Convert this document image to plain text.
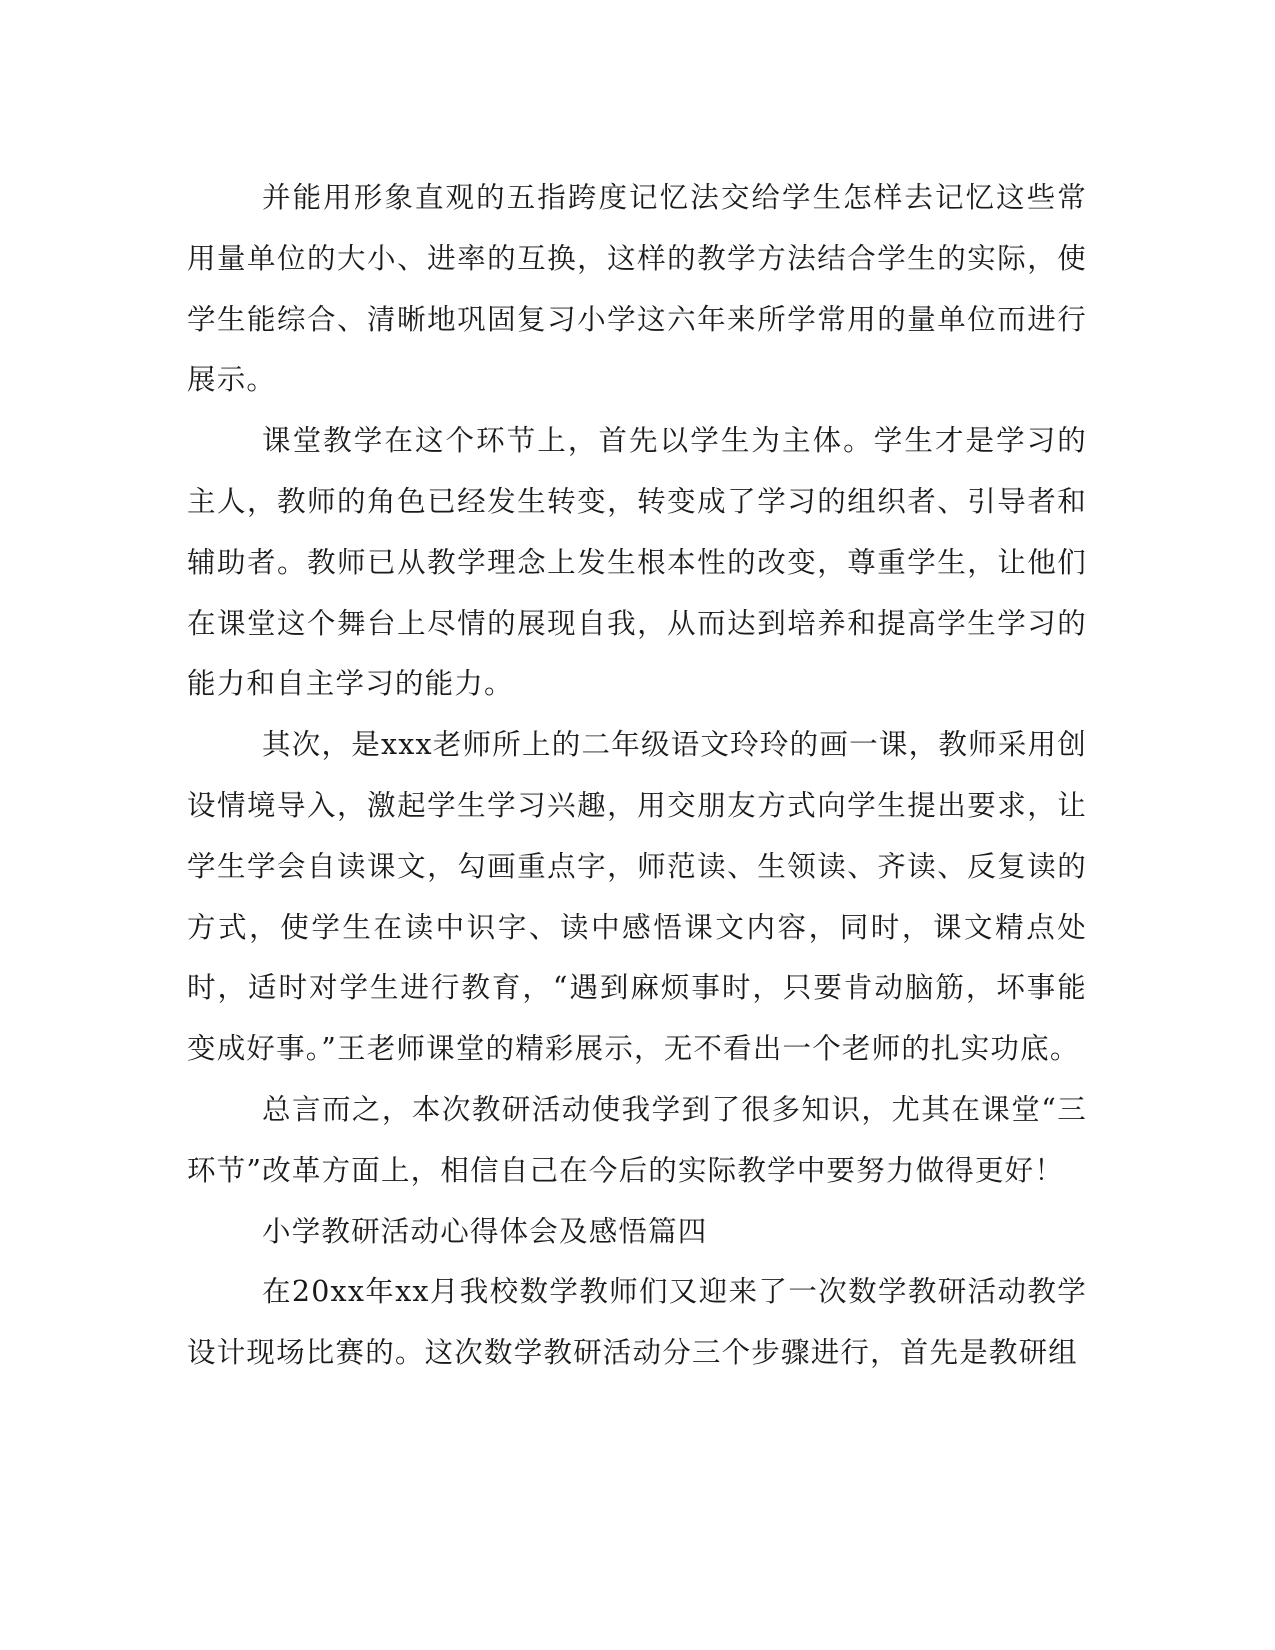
并能用形象直观的五指跨度记忆法交给学生怎样去记忆这些常用量单位的大小、进率的互换，这样的教学方法结合学生的实际，使学生能综合、清晰地巩固复习小学这六年来所学常用的量单位而进行展示。

课堂教学在这个环节上，首先以学生为主体。学生才是学习的主人，教师的角色已经发生转变，转变成了学习的组织者、引导者和辅助者。教师已从教学理念上发生根本性的改变，尊重学生，让他们在课堂这个舞台上尽情的展现自我，从而达到培养和提高学生学习的能力和自主学习的能力。

其次，是xxx老师所上的二年级语文玲玲的画一课，教师采用创设情境导入，激起学生学习兴趣，用交朋友方式向学生提出要求，让学生学会自读课文，勾画重点字，师范读、生领读、齐读、反复读的方式，使学生在读中识字、读中感悟课文内容，同时，课文精点处时，适时对学生进行教育，“遇到麻烦事时，只要肯动脑筋，坏事能变成好事。”王老师课堂的精彩展示，无不看出一个老师的扎实功底。

总言而之，本次教研活动使我学到了很多知识，尤其在课堂“三环节”改革方面上，相信自己在今后的实际教学中要努力做得更好！

小学教研活动心得体会及感悟篇四

在20xx年xx月我校数学教师们又迎来了一次数学教研活动教学设计现场比赛的。这次数学教研活动分三个步骤进行，首先是教研组
